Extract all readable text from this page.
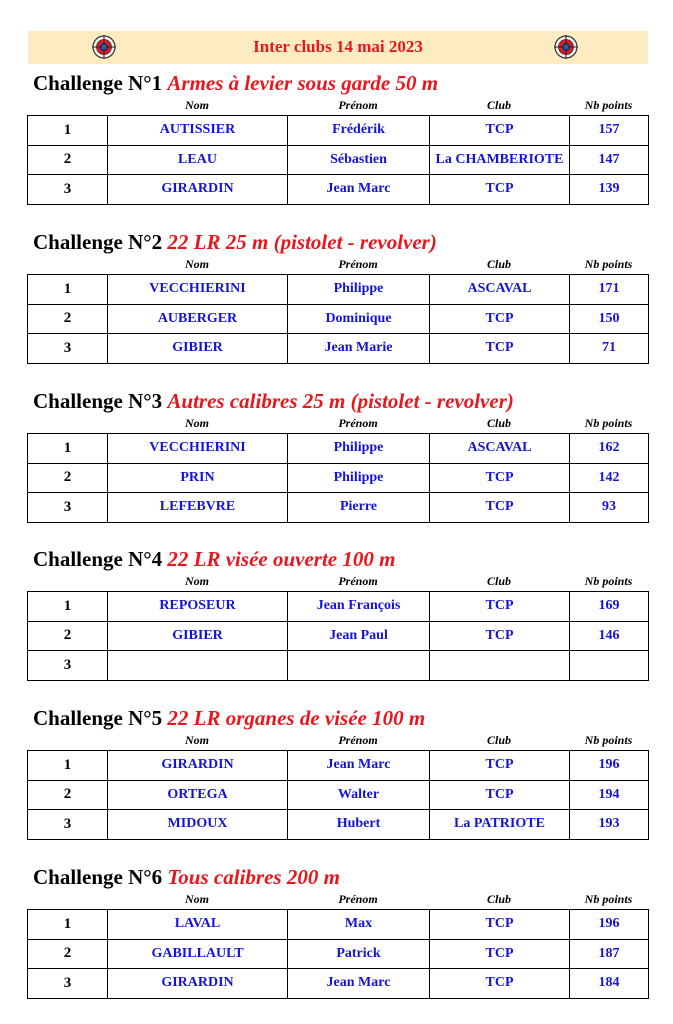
Inter clubs 14 mai 2023
Challenge N°1 Armes à levier sous garde 50 m
Nom	Prénom	Club	Nb points
1	AUTISSIER	Frédérik	TCP	157
2	LEAU	Sébastien	La CHAMBERIOTE	147
3	GIRARDIN	Jean Marc	TCP	139
Challenge N°2 22 LR 25 m (pistolet - revolver)
Nom	Prénom	Club	Nb points
1	VECCHIERINI	Philippe	ASCAVAL	171
2	AUBERGER	Dominique	TCP	150
3	GIBIER	Jean Marie	TCP	71
Challenge N°3 Autres calibres 25 m (pistolet - revolver)
Nom	Prénom	Club	Nb points
1	VECCHIERINI	Philippe	ASCAVAL	162
2	PRIN	Philippe	TCP	142
3	LEFEBVRE	Pierre	TCP	93
Challenge N°4 22 LR visée ouverte 100 m
Nom	Prénom	Club	Nb points
1	REPOSEUR	Jean François	TCP	169
2	GIBIER	Jean Paul	TCP	146
3				
Challenge N°5 22 LR organes de visée 100 m
Nom	Prénom	Club	Nb points
1	GIRARDIN	Jean Marc	TCP	196
2	ORTEGA	Walter	TCP	194
3	MIDOUX	Hubert	La PATRIOTE	193
Challenge N°6 Tous calibres 200 m
Nom	Prénom	Club	Nb points
1	LAVAL	Max	TCP	196
2	GABILLAULT	Patrick	TCP	187
3	GIRARDIN	Jean Marc	TCP	184
